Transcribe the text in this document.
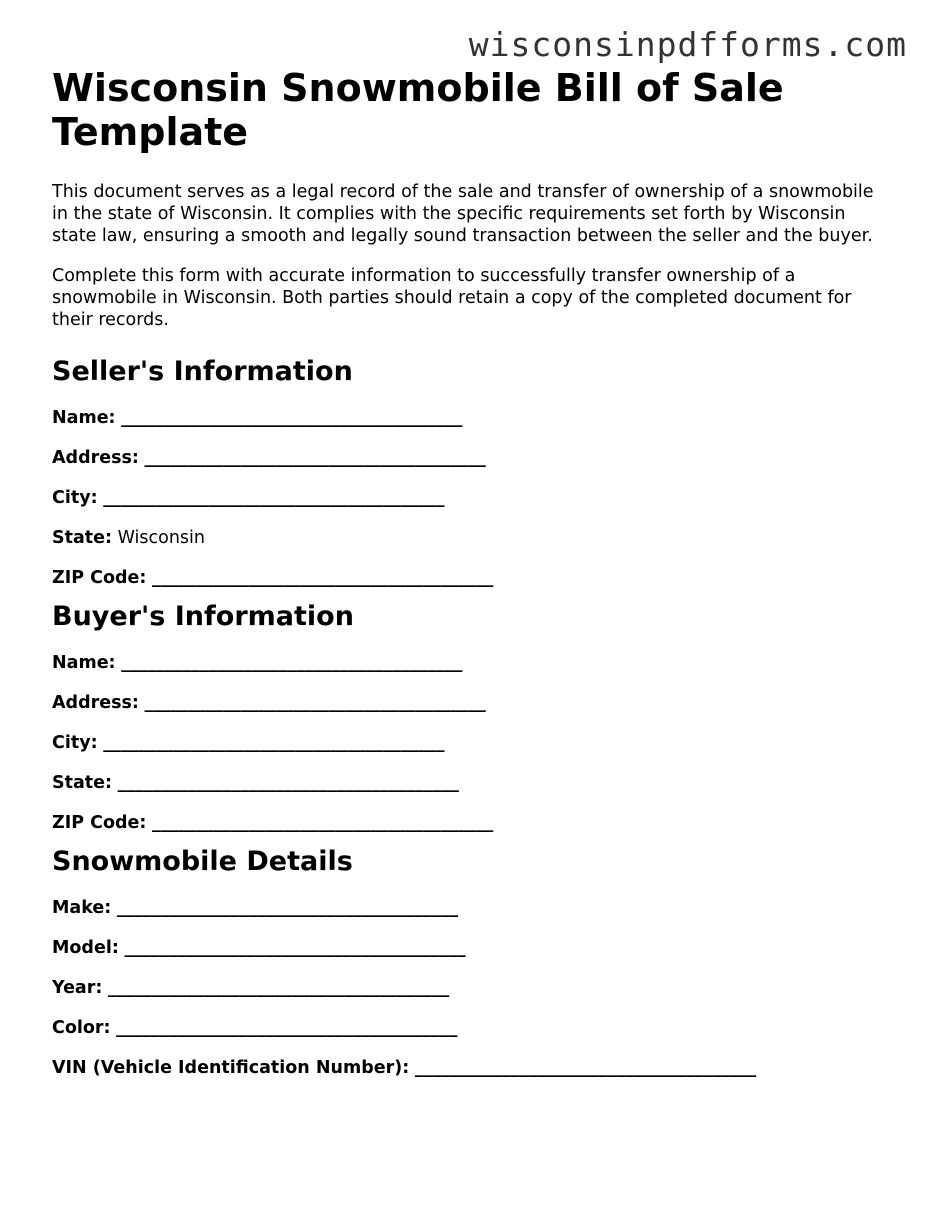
wisconsinpdfforms.com
Wisconsin Snowmobile Bill of Sale Template

This document serves as a legal record of the sale and transfer of ownership of a snowmobile in the state of Wisconsin. It complies with the specific requirements set forth by Wisconsin state law, ensuring a smooth and legally sound transaction between the seller and the buyer.

Complete this form with accurate information to successfully transfer ownership of a snowmobile in Wisconsin. Both parties should retain a copy of the completed document for their records.

Seller's Information

Name: _______________________________________

Address: _______________________________________

City: _______________________________________

State: Wisconsin

ZIP Code: _______________________________________

Buyer's Information

Name: _______________________________________

Address: _______________________________________

City: _______________________________________

State: _______________________________________

ZIP Code: _______________________________________

Snowmobile Details

Make: _______________________________________

Model: _______________________________________

Year: _______________________________________

Color: _______________________________________

VIN (Vehicle Identification Number): _______________________________________
